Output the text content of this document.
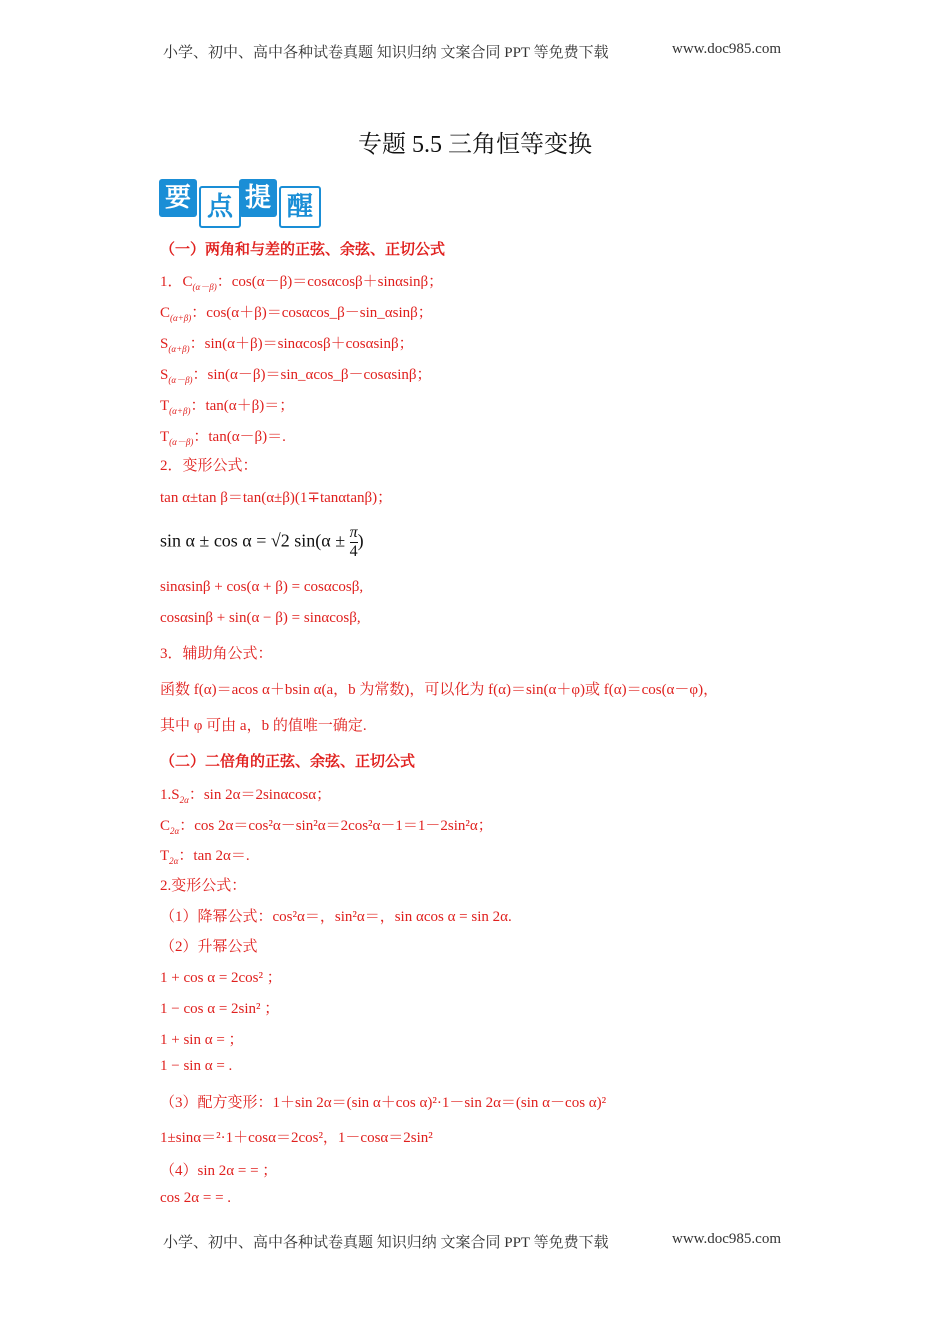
小学、初中、高中各种试卷真题 知识归纳 文案合同 PPT 等免费下载	www.doc985.com
专题 5.5 三角恒等变换
要 点 提 醒
（一）两角和与差的正弦、余弦、正切公式
1．$C_{(\alpha-\beta)}$：cos(α－β)＝cosαcosβ＋sinαsinβ；
$C_{(\alpha+\beta)}$：cos(α＋β)＝cosαcos_β－sin_αsinβ；
$S_{(\alpha+\beta)}$：sin(α＋β)＝sinαcosβ＋cosαsinβ；
$S_{(\alpha-\beta)}$：sin(α－β)＝sin_αcos_β－cosαsinβ；
$T_{(\alpha+\beta)}$：tan(α＋β)＝；
$T_{(\alpha-\beta)}$：tan(α－β)＝.
2．变形公式：
tan α±tan β＝tan(α±β)(1∓tanαtanβ)；
sin α ± cos α = √2 $\sin(\alpha \pm \frac{\pi}{4}$ )
sinαsinβ + cos(α + β) = cosαcosβ,
cosαsinβ + sin(α − β) = sinαcosβ,
3．辅助角公式：
函数 f(α)＝acos α＋bsin α(a，b 为常数)，可以化为 f(α)＝sin(α＋φ)或 f(α)＝cos(α－φ)，
其中 φ 可由 a，b 的值唯一确定.
（二）二倍角的正弦、余弦、正切公式
$1.S_{2\alpha}$：sin 2α＝2sinαcosα；
$C_{2\alpha}$：cos 2α＝cos²α－sin²α＝2cos²α－1＝1－2sin²α；
$T_{2\alpha}$：tan 2α＝.
2.变形公式：
（1）降幂公式：cos²α＝，sin²α＝，sin αcos α = sin 2α.
（2）升幂公式
1 + cos α = 2cos² ；
1 − cos α = 2sin² ；
1 + sin α = ；
1 − sin α = .
（3）配方变形：1＋sin 2α＝(sin α＋cos α)²·1－sin 2α＝(sin α－cos α)²
1±sinα＝²·1＋cosα＝2cos²，1－cosα＝2sin²
（4）sin 2α = = ；
cos 2α = = .
小学、初中、高中各种试卷真题 知识归纳 文案合同 PPT 等免费下载	www.doc985.com
